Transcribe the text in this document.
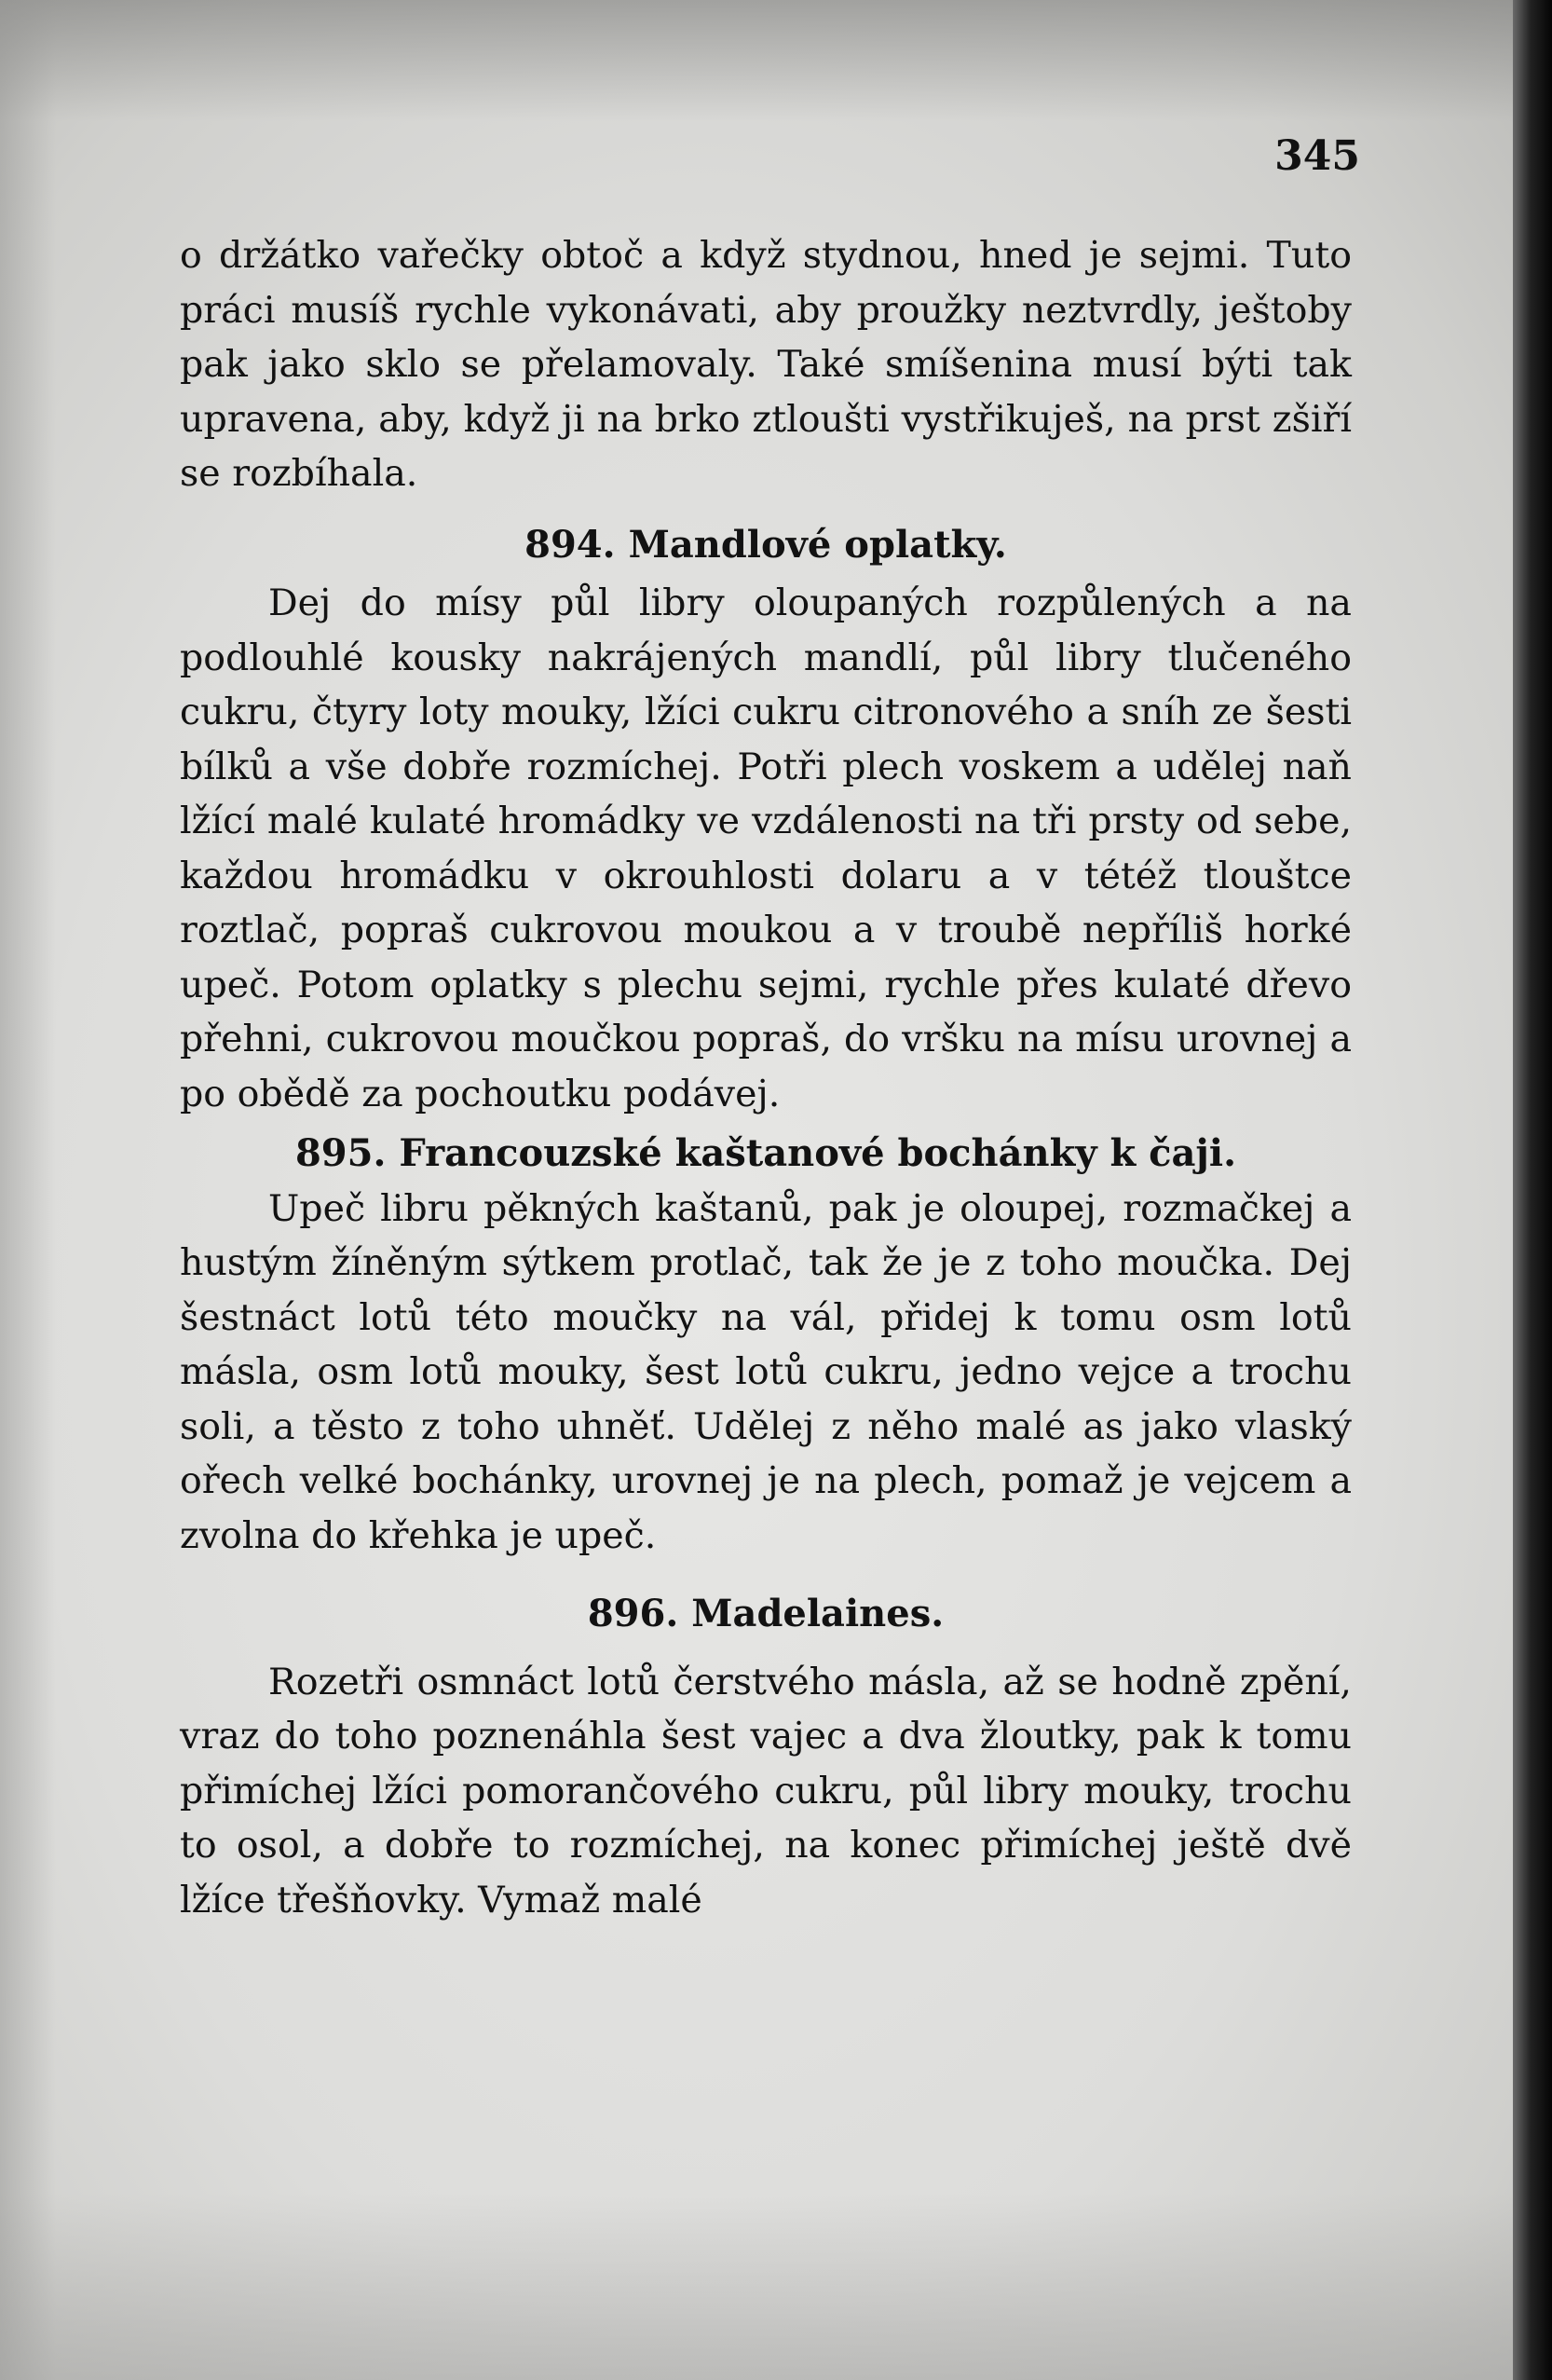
345

o držátko vařečky obtoč a když stydnou, hned je sejmi. Tuto práci musíš rychle vykonávati, aby proužky neztvrdly, ještoby pak jako sklo se přelamovaly. Také smíšenina musí býti tak upravena, aby, když ji na brko ztloušti vystřikuješ, na prst zšiří se rozbíhala.

894. Mandlové oplatky.

Dej do mísy půl libry oloupaných rozpůlených a na podlouhlé kousky nakrájených mandlí, půl libry tlučeného cukru, čtyry loty mouky, lžíci cukru citronového a sníh ze šesti bílků a vše dobře rozmíchej. Potři plech voskem a udělej naň lžící malé kulaté hromádky ve vzdálenosti na tři prsty od sebe, každou hromádku v okrouhlosti dolaru a v tétéž tlouštce roztlač, popraš cukrovou moukou a v troubě nepříliš horké upeč. Potom oplatky s plechu sejmi, rychle přes kulaté dřevo přehni, cukrovou moučkou popraš, do vršku na mísu urovnej a po obědě za pochoutku podávej.

895. Francouzské kaštanové bochánky k čaji.

Upeč libru pěkných kaštanů, pak je oloupej, rozmačkej a hustým žíněným sýtkem protlač, tak že je z toho moučka. Dej šestnáct lotů této moučky na vál, přidej k tomu osm lotů másla, osm lotů mouky, šest lotů cukru, jedno vejce a trochu soli, a těsto z toho uhněť. Udělej z něho malé as jako vlaský ořech velké bochánky, urovnej je na plech, pomaž je vejcem a zvolna do křehka je upeč.

896. Madelaines.

Rozetři osmnáct lotů čerstvého másla, až se hodně zpění, vraz do toho poznenáhla šest vajec a dva žloutky, pak k tomu přimíchej lžíci pomorančového cukru, půl libry mouky, trochu to osol, a dobře to rozmíchej, na konec přimíchej ještě dvě lžíce třešňovky. Vymaž malé
